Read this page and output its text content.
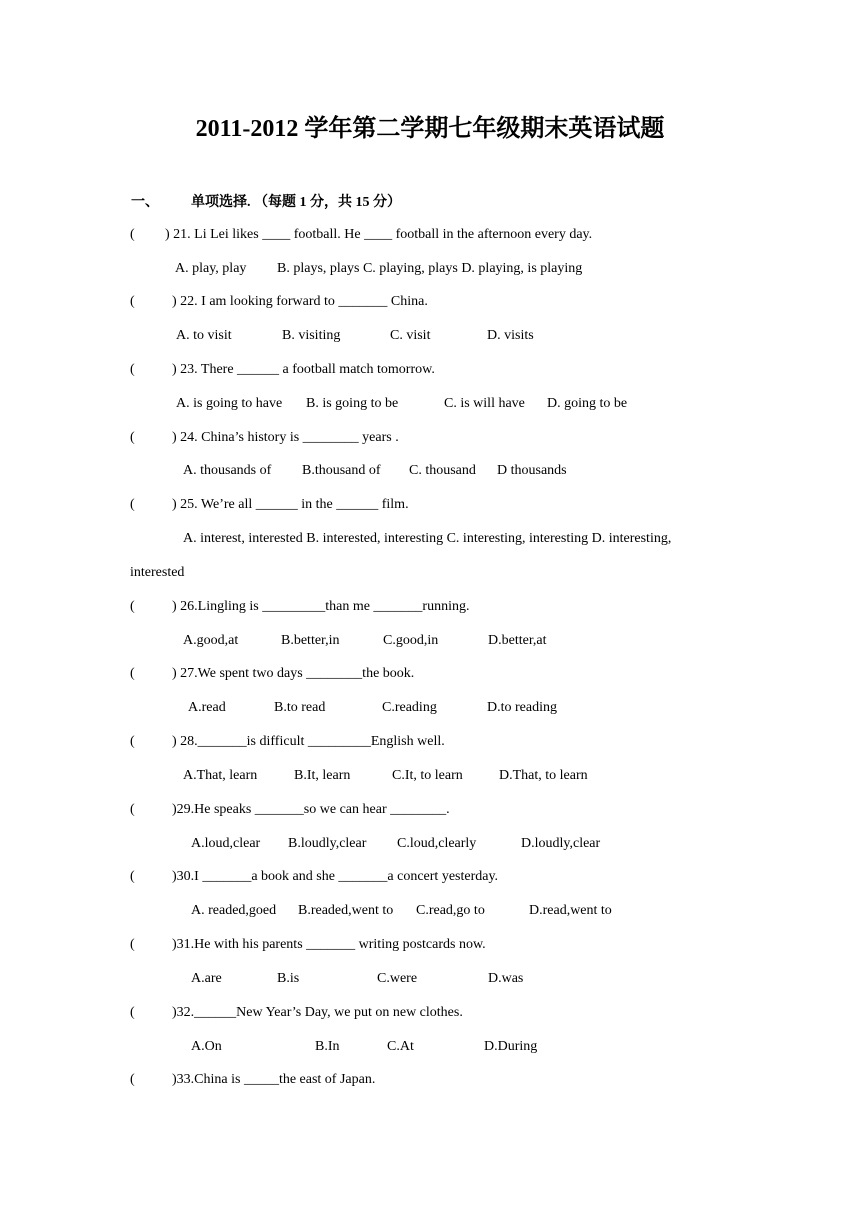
2011-2012 学年第二学期七年级期末英语试题
一、 单项选择. （每题 1 分，共 15 分）
( ) 21. Li Lei likes ____ football. He ____ football in the afternoon every day.
A. play, play B. plays, plays C. playing, plays D. playing, is playing
(	) 22. I am looking forward to _______ China.
A. to visit	B. visiting	C. visit	D. visits
(	) 23. There ______ a football match tomorrow.
A. is going to have B. is going to be	C. is will have D. going to be
(	) 24. China’s history is ________ years .
A. thousands of B.thousand of C. thousand D thousands
(	) 25. We’re all ______ in the ______ film.
A. interest, interested B. interested, interesting C. interesting, interesting D. interesting,
interested
(	) 26.Lingling is _________than me _______running.
A.good,at	B.better,in	C.good,in	D.better,at
(	) 27.We spent two days ________the book.
A.read	B.to read	C.reading	D.to reading
(	) 28._______is difficult _________English well.
A.That, learn	B.It, learn	C.It, to learn	D.That, to learn
(	)29.He speaks _______so we can hear ________.
A.loud,clear B.loudly,clear C.loud,clearly	D.loudly,clear
(	)30.I _______a book and she _______a concert yesterday.
A. readed,goed B.readed,went to C.read,go to	D.read,went to
(	)31.He with his parents _______ writing postcards now.
A.are	B.is	C.were	D.was
(	)32.______New Year’s Day, we put on new clothes.
A.On	B.In	C.At	D.During
(	)33.China is _____the east of Japan.
